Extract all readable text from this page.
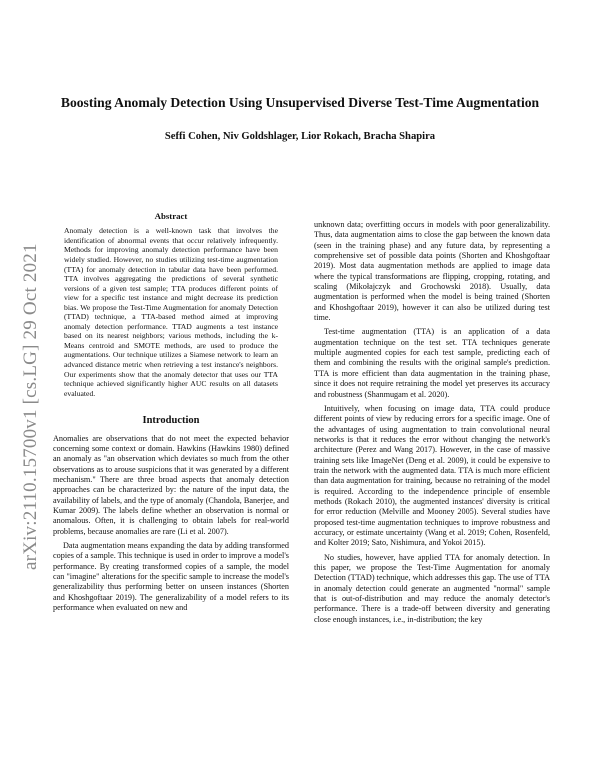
arXiv:2110.15700v1 [cs.LG] 29 Oct 2021
Boosting Anomaly Detection Using Unsupervised Diverse Test-Time Augmentation
Seffi Cohen, Niv Goldshlager, Lior Rokach, Bracha Shapira
Abstract

Anomaly detection is a well-known task that involves the identification of abnormal events that occur relatively infrequently. Methods for improving anomaly detection performance have been widely studied. However, no studies utilizing test-time augmentation (TTA) for anomaly detection in tabular data have been performed. TTA involves aggregating the predictions of several synthetic versions of a given test sample; TTA produces different points of view for a specific test instance and might decrease its prediction bias. We propose the Test-Time Augmentation for anomaly Detection (TTAD) technique, a TTA-based method aimed at improving anomaly detection performance. TTAD augments a test instance based on its nearest neighbors; various methods, including the k-Means centroid and SMOTE methods, are used to produce the augmentations. Our technique utilizes a Siamese network to learn an advanced distance metric when retrieving a test instance's neighbors. Our experiments show that the anomaly detector that uses our TTA technique achieved significantly higher AUC results on all datasets evaluated.

Introduction

Anomalies are observations that do not meet the expected behavior concerning some context or domain. Hawkins (Hawkins 1980) defined an anomaly as "an observation which deviates so much from the other observations as to arouse suspicions that it was generated by a different mechanism." There are three broad aspects that anomaly detection approaches can be characterized by: the nature of the input data, the availability of labels, and the type of anomaly (Chandola, Banerjee, and Kumar 2009). The labels define whether an observation is normal or anomalous. Often, it is challenging to obtain labels for real-world problems, because anomalies are rare (Li et al. 2007).

Data augmentation means expanding the data by adding transformed copies of a sample. This technique is used in order to improve a model's performance. By creating transformed copies of a sample, the model can "imagine" alterations for the specific sample to increase the model's generalizability thus performing better on unseen instances (Shorten and Khoshgoftaar 2019). The generalizability of a model refers to its performance when evaluated on new and

unknown data; overfitting occurs in models with poor generalizability. Thus, data augmentation aims to close the gap between the known data (seen in the training phase) and any future data, by representing a comprehensive set of possible data points (Shorten and Khoshgoftaar 2019). Most data augmentation methods are applied to image data where the typical transformations are flipping, cropping, rotating, and scaling (Mikołajczyk and Grochowski 2018). Usually, data augmentation is performed when the model is being trained (Shorten and Khoshgoftaar 2019), however it can also be utilized during test time.

Test-time augmentation (TTA) is an application of a data augmentation technique on the test set. TTA techniques generate multiple augmented copies for each test sample, predicting each of them and combining the results with the original sample's prediction. TTA is more efficient than data augmentation in the training phase, since it does not require retraining the model yet preserves its accuracy and robustness (Shanmugam et al. 2020).

Intuitively, when focusing on image data, TTA could produce different points of view by reducing errors for a specific image. One of the advantages of using augmentation to train convolutional neural networks is that it reduces the error without changing the network's architecture (Perez and Wang 2017). However, in the case of massive training sets like ImageNet (Deng et al. 2009), it could be expensive to train the network with the augmented data. TTA is much more efficient than data augmentation for training, because no retraining of the model is required. According to the independence principle of ensemble methods (Rokach 2010), the augmented instances' diversity is critical for error reduction (Melville and Mooney 2005). Several studies have proposed test-time augmentation techniques to improve robustness and accuracy, or estimate uncertainty (Wang et al. 2019; Cohen, Rosenfeld, and Kolter 2019; Sato, Nishimura, and Yokoi 2015).

No studies, however, have applied TTA for anomaly detection. In this paper, we propose the Test-Time Augmentation for anomaly Detection (TTAD) technique, which addresses this gap. The use of TTA in anomaly detection could generate an augmented "normal" sample that is out-of-distribution and may reduce the anomaly detector's performance. There is a trade-off between diversity and generating close enough instances, i.e., in-distribution; the key
